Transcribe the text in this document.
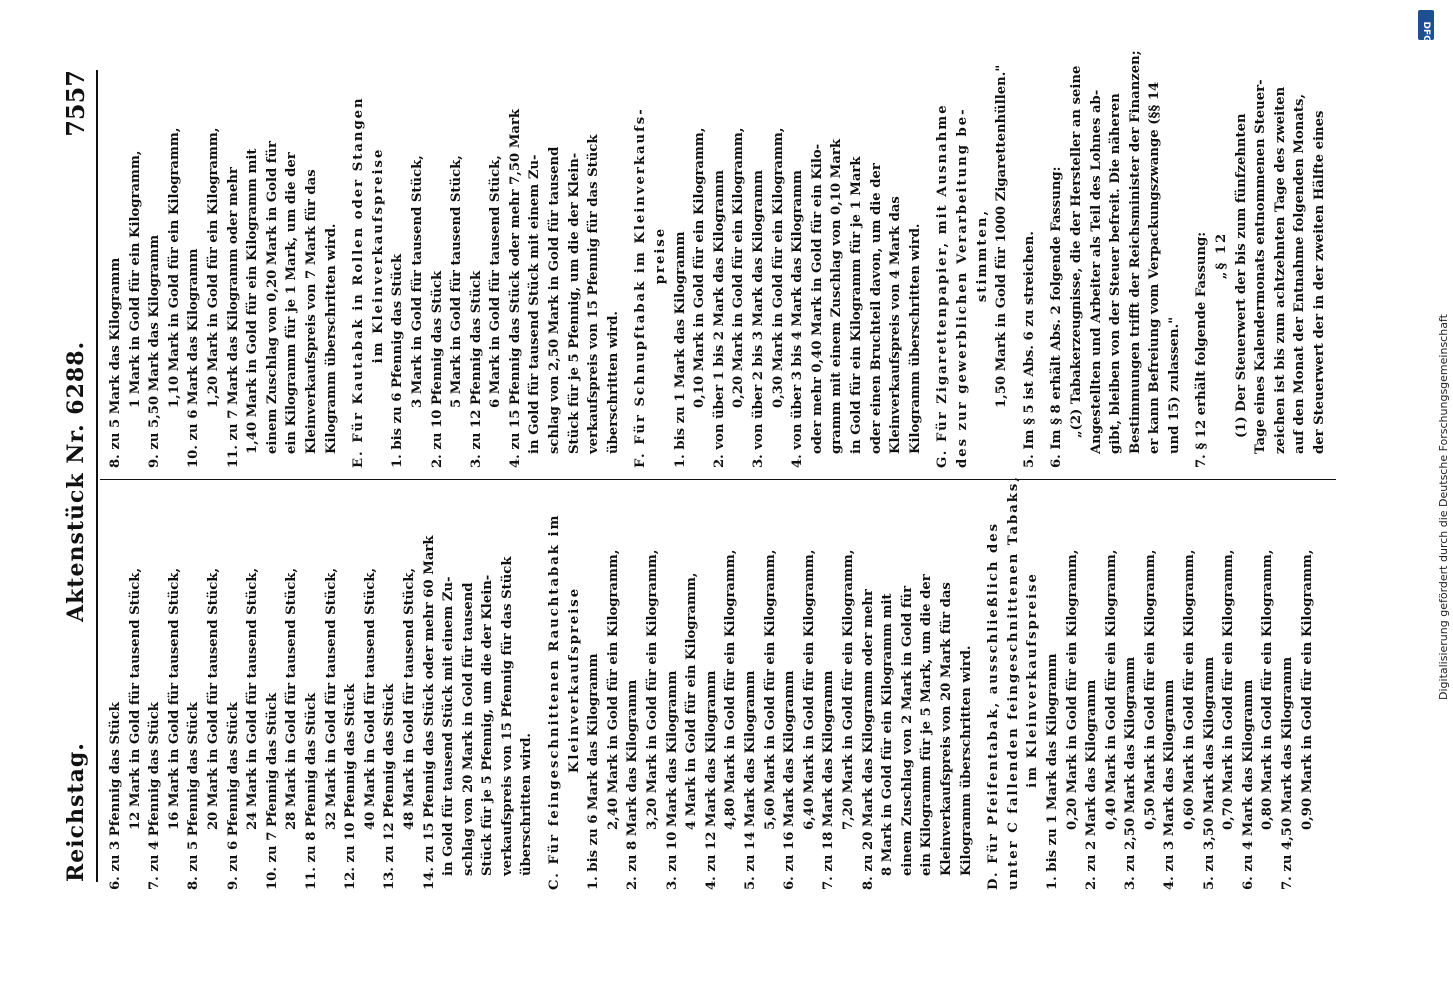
Reichstag.
Aktenstück Nr. 6288.
7557
6. zu 3 Pfennig das Stück 12 Mark in Gold für tausend Stück, 7. zu 4 Pfennig das Stück 16 Mark in Gold für tausend Stück, 8. zu 5 Pfennig das Stück 20 Mark in Gold für tausend Stück, 9. zu 6 Pfennig das Stück 24 Mark in Gold für tausend Stück, 10. zu 7 Pfennig das Stück 28 Mark in Gold für tausend Stück, 11. zu 8 Pfennig das Stück 32 Mark in Gold für tausend Stück, 12. zu 10 Pfennig das Stück 40 Mark in Gold für tausend Stück, 13. zu 12 Pfennig das Stück 48 Mark in Gold für tausend Stück, 14. zu 15 Pfennig das Stück oder mehr 60 Mark in Gold für tausend Stück mit einem Zu- schlag von 20 Mark in Gold für tausend Stück für je 5 Pfennig, um die der Klein- verkaufspreis von 15 Pfennig für das Stück überschritten wird. C. Für feingeschnittenen Rauchtabak im Kleinverkaufspreise 1. bis zu 6 Mark das Kilogramm 2,40 Mark in Gold für ein Kilogramm, 2. zu 8 Mark das Kilogramm 3,20 Mark in Gold für ein Kilogramm, 3. zu 10 Mark das Kilogramm 4 Mark in Gold für ein Kilogramm, 4. zu 12 Mark das Kilogramm 4,80 Mark in Gold für ein Kilogramm, 5. zu 14 Mark das Kilogramm 5,60 Mark in Gold für ein Kilogramm, 6. zu 16 Mark das Kilogramm 6,40 Mark in Gold für ein Kilogramm, 7. zu 18 Mark das Kilogramm 7,20 Mark in Gold für ein Kilogramm, 8. zu 20 Mark das Kilogramm oder mehr 8 Mark in Gold für ein Kilogramm mit einem Zuschlag von 2 Mark in Gold für ein Kilogramm für je 5 Mark, um die der Kleinverkaufspreis von 20 Mark für das Kilogramm überschritten wird. D. Für Pfeifentabak, ausschließlich des unter C fallenden feingeschnittenen Tabaks, im Kleinverkaufspreise 1. bis zu 1 Mark das Kilogramm 0,20 Mark in Gold für ein Kilogramm, 2. zu 2 Mark das Kilogramm 0,40 Mark in Gold für ein Kilogramm, 3. zu 2,50 Mark das Kilogramm 0,50 Mark in Gold für ein Kilogramm, 4. zu 3 Mark das Kilogramm 0,60 Mark in Gold für ein Kilogramm, 5. zu 3,50 Mark das Kilogramm 0,70 Mark in Gold für ein Kilogramm, 6. zu 4 Mark das Kilogramm 0,80 Mark in Gold für ein Kilogramm, 7. zu 4,50 Mark das Kilogramm 0,90 Mark in Gold für ein Kilogramm,
8. zu 5 Mark das Kilogramm 1 Mark in Gold für ein Kilogramm, 9. zu 5,50 Mark das Kilogramm 1,10 Mark in Gold für ein Kilogramm, 10. zu 6 Mark das Kilogramm 1,20 Mark in Gold für ein Kilogramm, 11. zu 7 Mark das Kilogramm oder mehr 1,40 Mark in Gold für ein Kilogramm mit einem Zuschlag von 0,20 Mark in Gold für ein Kilogramm für je 1 Mark, um die der Kleinverkaufspreis von 7 Mark für das Kilogramm überschritten wird. E. Für Kautabak in Rollen oder Stangen im Kleinverkaufspreise 1. bis zu 6 Pfennig das Stück 3 Mark in Gold für tausend Stück, 2. zu 10 Pfennig das Stück 5 Mark in Gold für tausend Stück, 3. zu 12 Pfennig das Stück 6 Mark in Gold für tausend Stück, 4. zu 15 Pfennig das Stück oder mehr 7,50 Mark in Gold für tausend Stück mit einem Zu- schlag von 2,50 Mark in Gold für tausend Stück für je 5 Pfennig, um die der Klein- verkaufspreis von 15 Pfennig für das Stück überschritten wird. F. Für Schnupftabak im Kleinverkaufs- preise 1. bis zu 1 Mark das Kilogramm 0,10 Mark in Gold für ein Kilogramm, 2. von über 1 bis 2 Mark das Kilogramm 0,20 Mark in Gold für ein Kilogramm, 3. von über 2 bis 3 Mark das Kilogramm 0,30 Mark in Gold für ein Kilogramm, 4. von über 3 bis 4 Mark das Kilogramm oder mehr 0,40 Mark in Gold für ein Kilo- gramm mit einem Zuschlag von 0,10 Mark in Gold für ein Kilogramm für je 1 Mark oder einen Bruchteil davon, um die der Kleinverkaufspreis von 4 Mark das Kilogramm überschritten wird. G. Für Zigarettenpapier, mit Ausnahme des zur gewerblichen Verarbeitung be- stimmten, 1,50 Mark in Gold für 1000 Zigarettenhüllen." 5. Im § 5 ist Abs. 6 zu streichen. 6. Im § 8 erhält Abs. 2 folgende Fassung: „(2) Tabakerzeugnisse, die der Hersteller an seine Angestellten und Arbeiter als Teil des Lohnes ab- gibt, bleiben von der Steuer befreit. Die näheren Bestimmungen trifft der Reichsminister der Finanzen; er kann Befreiung vom Verpackungszwange (§§ 14 und 15) zulassen." 7. § 12 erhält folgende Fassung: „§ 12 (1) Der Steuerwert der bis zum fünfzehnten Tage eines Kalendermonats entnommenen Steuer- zeichen ist bis zum achtzehnten Tage des zweiten auf den Monat der Entnahme folgenden Monats, der Steuerwert der in der zweiten Hälfte eines
DFG
Digitalisierung gefördert durch die Deutsche Forschungsgemeinschaft
